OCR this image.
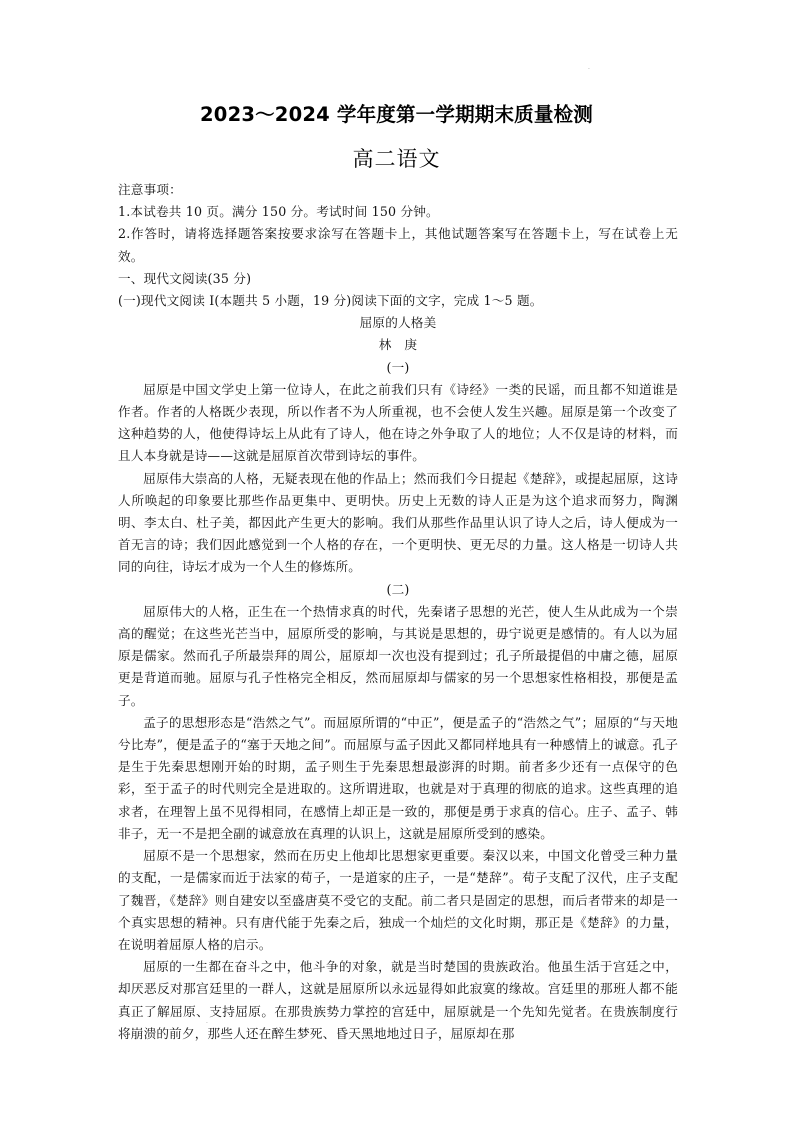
2023～2024 学年度第一学期期末质量检测
高二语文
注意事项：
1.本试卷共 10 页。满分 150 分。考试时间 150 分钟。
2.作答时，请将选择题答案按要求涂写在答题卡上，其他试题答案写在答题卡上，写在试卷上无效。
一、现代文阅读(35 分)
(一)现代文阅读 I(本题共 5 小题，19 分)阅读下面的文字，完成 1～5 题。
屈原的人格美
林　庚
(一)

屈原是中国文学史上第一位诗人，在此之前我们只有《诗经》一类的民谣，而且都不知道谁是作者。作者的人格既少表现，所以作者不为人所重视，也不会使人发生兴趣。屈原是第一个改变了这种趋势的人，他使得诗坛上从此有了诗人，他在诗之外争取了人的地位；人不仅是诗的材料，而且人本身就是诗——这就是屈原首次带到诗坛的事件。

屈原伟大崇高的人格，无疑表现在他的作品上；然而我们今日提起《楚辞》，或提起屈原，这诗人所唤起的印象要比那些作品更集中、更明快。历史上无数的诗人正是为这个追求而努力，陶渊明、李太白、杜子美，都因此产生更大的影响。我们从那些作品里认识了诗人之后，诗人便成为一首无言的诗；我们因此感觉到一个人格的存在，一个更明快、更无尽的力量。这人格是一切诗人共同的向往，诗坛才成为一个人生的修炼所。

(二)

屈原伟大的人格，正生在一个热情求真的时代，先秦诸子思想的光芒，使人生从此成为一个崇高的醒觉；在这些光芒当中，屈原所受的影响，与其说是思想的，毋宁说更是感情的。有人以为屈原是儒家。然而孔子所最崇拜的周公，屈原却一次也没有提到过；孔子所最提倡的中庸之德，屈原更是背道而驰。屈原与孔子性格完全相反，然而屈原却与儒家的另一个思想家性格相投，那便是孟子。

孟子的思想形态是“浩然之气”。而屈原所谓的“中正”，便是孟子的“浩然之气”；屈原的“与天地兮比寿”，便是孟子的“塞于天地之间”。而屈原与孟子因此又都同样地具有一种感情上的诚意。孔子是生于先秦思想刚开始的时期，孟子则生于先秦思想最澎湃的时期。前者多少还有一点保守的色彩，至于孟子的时代则完全是进取的。这所谓进取，也就是对于真理的彻底的追求。这些真理的追求者，在理智上虽不见得相同，在感情上却正是一致的，那便是勇于求真的信心。庄子、孟子、韩非子，无一不是把全副的诚意放在真理的认识上，这就是屈原所受到的感染。

屈原不是一个思想家，然而在历史上他却比思想家更重要。秦汉以来，中国文化曾受三种力量的支配，一是儒家而近于法家的荀子，一是道家的庄子，一是“楚辞”。荀子支配了汉代，庄子支配了魏晋，《楚辞》则自建安以至盛唐莫不受它的支配。前二者只是固定的思想，而后者带来的却是一个真实思想的精神。只有唐代能于先秦之后，独成一个灿烂的文化时期，那正是《楚辞》的力量，在说明着屈原人格的启示。

屈原的一生都在奋斗之中，他斗争的对象，就是当时楚国的贵族政治。他虽生活于宫廷之中，却厌恶反对那宫廷里的一群人，这就是屈原所以永远显得如此寂寞的缘故。宫廷里的那班人都不能真正了解屈原、支持屈原。在那贵族势力掌控的宫廷中，屈原就是一个先知先觉者。在贵族制度行将崩溃的前夕，那些人还在醉生梦死、昏天黑地地过日子，屈原却在那

·
·
